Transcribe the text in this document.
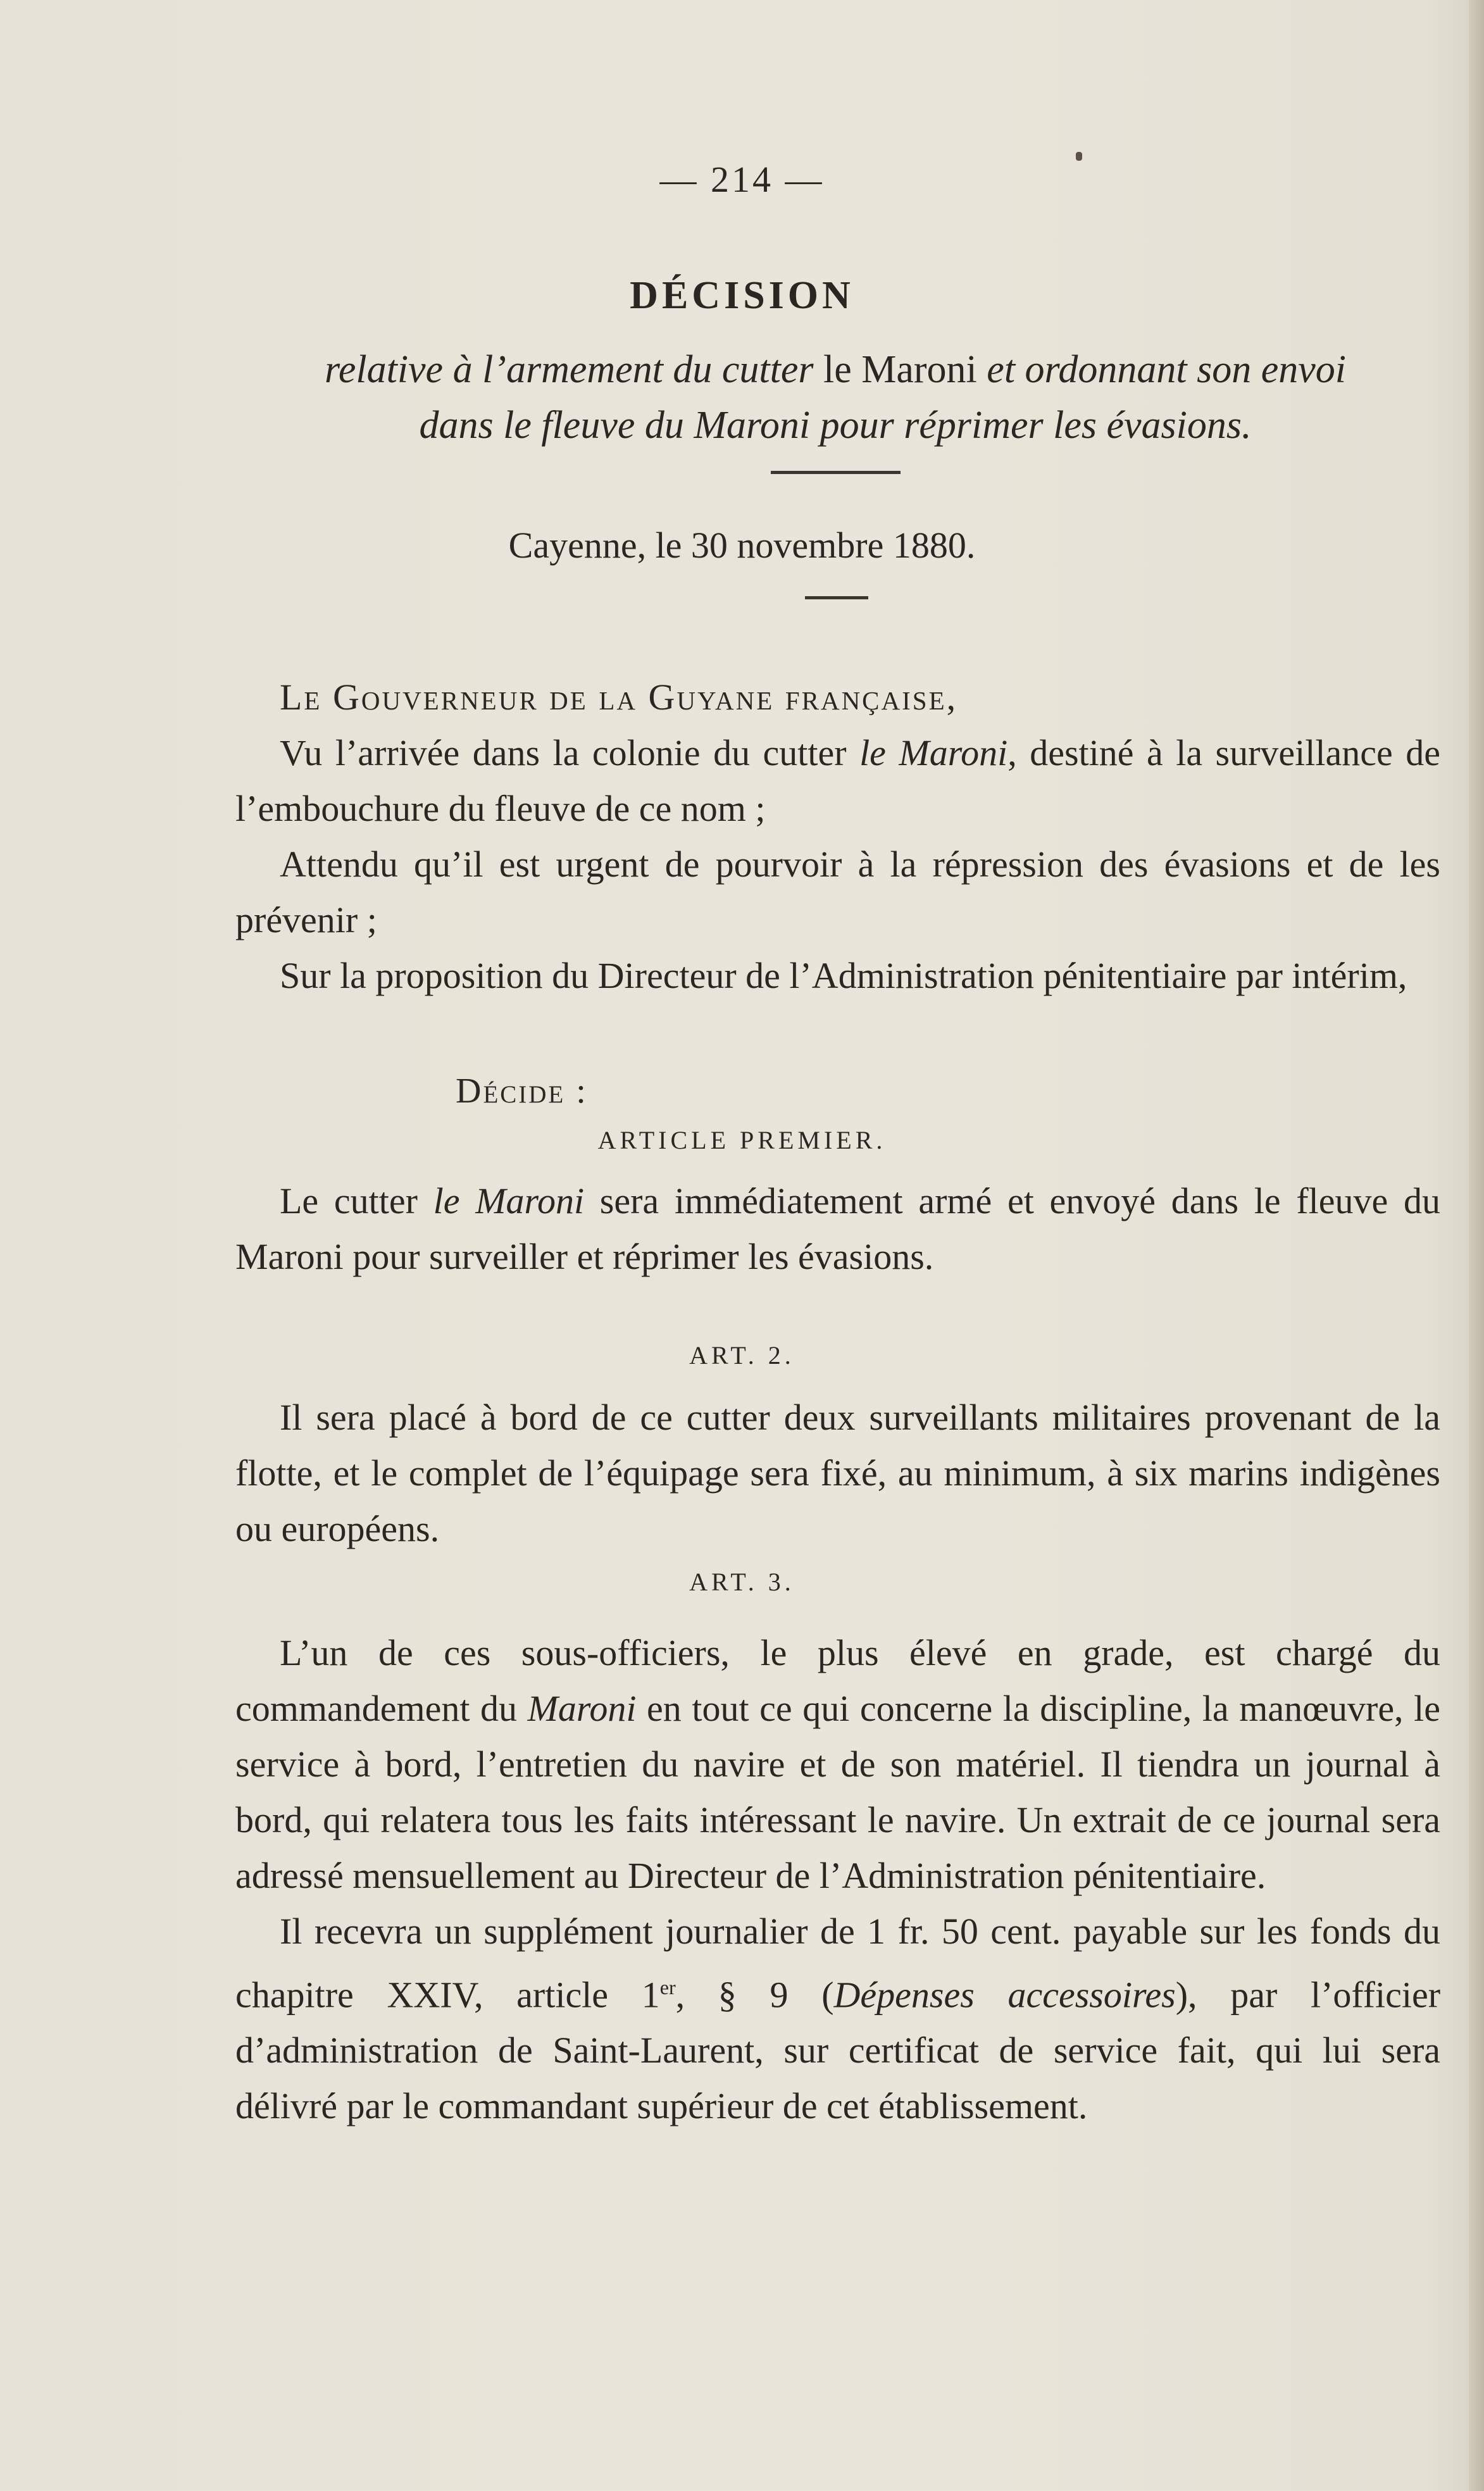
— 214 —
DÉCISION
relative à l’armement du cutter le Maroni et ordonnant son envoi
dans le fleuve du Maroni pour réprimer les évasions.
Cayenne, le 30 novembre 1880.

Le Gouverneur de la Guyane française,

Vu l’arrivée dans la colonie du cutter le Maroni, destiné à la surveillance de l’embouchure du fleuve de ce nom ;

Attendu qu’il est urgent de pourvoir à la répression des évasions et de les prévenir ;

Sur la proposition du Directeur de l’Administration pénitentiaire par intérim,

Décide :
ARTICLE PREMIER.

Le cutter le Maroni sera immédiatement armé et envoyé dans le fleuve du Maroni pour surveiller et réprimer les évasions.

ART. 2.

Il sera placé à bord de ce cutter deux surveillants militaires provenant de la flotte, et le complet de l’équipage sera fixé, au minimum, à six marins indigènes ou européens.

ART. 3.

L’un de ces sous-officiers, le plus élevé en grade, est chargé du commandement du Maroni en tout ce qui concerne la discipline, la manœuvre, le service à bord, l’entretien du navire et de son matériel. Il tiendra un journal à bord, qui relatera tous les faits intéressant le navire. Un extrait de ce journal sera adressé mensuellement au Directeur de l’Administration pénitentiaire.

Il recevra un supplément journalier de 1 fr. 50 cent. payable sur les fonds du chapitre XXIV, article 1er, § 9 (Dépenses accessoires), par l’officier d’administration de Saint-Laurent, sur certificat de service fait, qui lui sera délivré par le commandant supérieur de cet établissement.
